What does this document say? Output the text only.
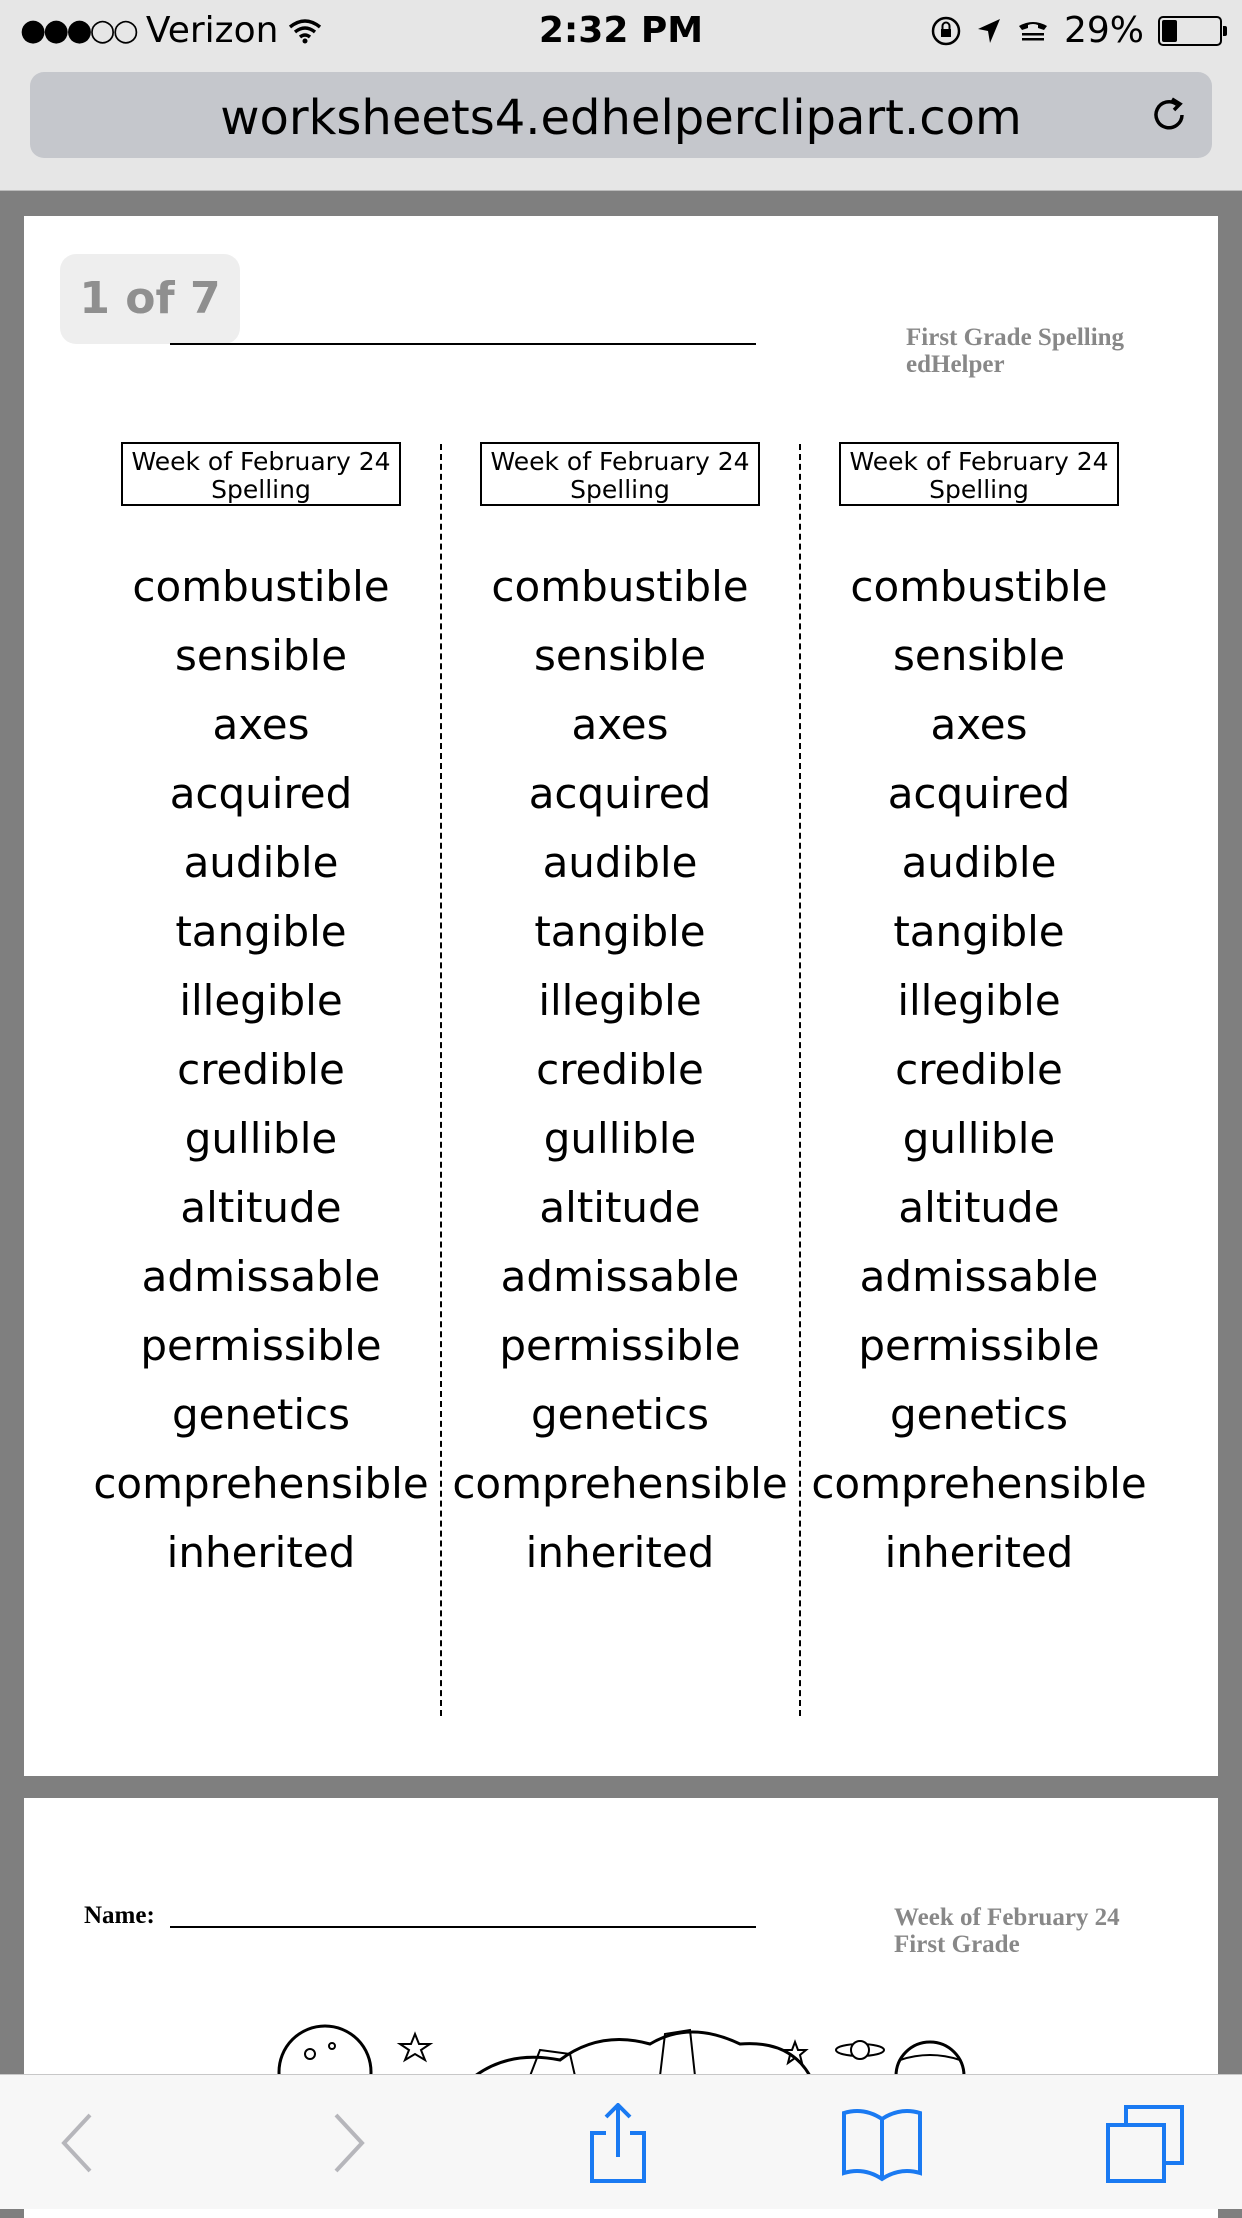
●●●○○ Verizon	2:32 PM	29%
worksheets4.edhelperclipart.com
1 of 7
First Grade Spelling
edHelper
Week of February 24
Spelling
combustible
sensible
axes
acquired
audible
tangible
illegible
credible
gullible
altitude
admissable
permissible
genetics
comprehensible
inherited
Week of February 24
Spelling
combustible
sensible
axes
acquired
audible
tangible
illegible
credible
gullible
altitude
admissable
permissible
genetics
comprehensible
inherited
Week of February 24
Spelling
combustible
sensible
axes
acquired
audible
tangible
illegible
credible
gullible
altitude
admissable
permissible
genetics
comprehensible
inherited
Name:	Week of February 24
First Grade
